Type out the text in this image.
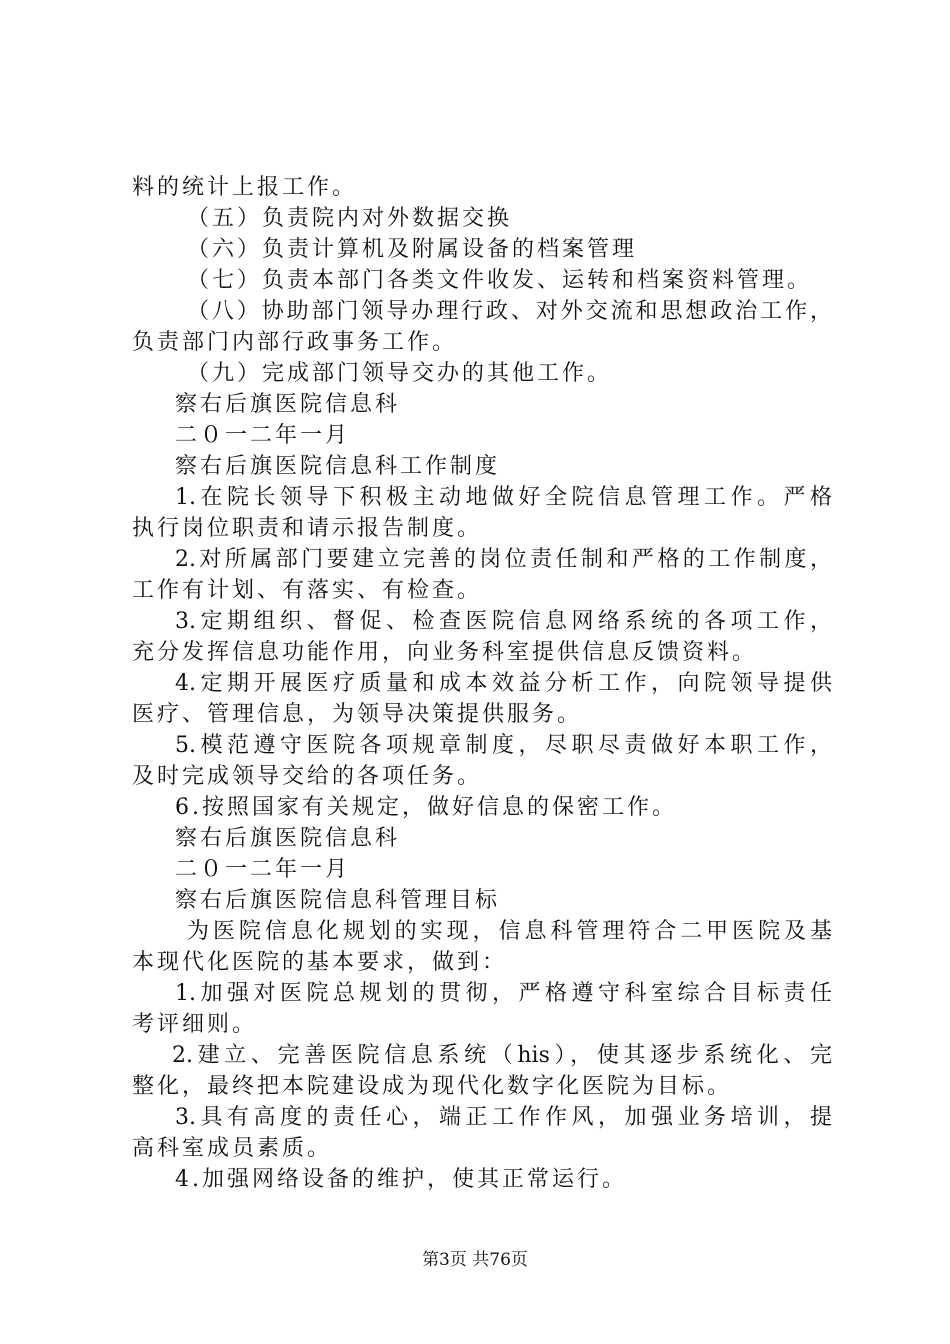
料的统计上报工作。
（五）负责院内对外数据交换
（六）负责计算机及附属设备的档案管理
（七）负责本部门各类文件收发、运转和档案资料管理。
（八）协助部门领导办理行政、对外交流和思想政治工作，
负责部门内部行政事务工作。
（九）完成部门领导交办的其他工作。
察右后旗医院信息科
二０一二年一月
察右后旗医院信息科工作制度
1.在院长领导下积极主动地做好全院信息管理工作。严格
执行岗位职责和请示报告制度。
2.对所属部门要建立完善的岗位责任制和严格的工作制度，
工作有计划、有落实、有检查。
3.定期组织、督促、检查医院信息网络系统的各项工作，
充分发挥信息功能作用，向业务科室提供信息反馈资料。
4.定期开展医疗质量和成本效益分析工作，向院领导提供
医疗、管理信息，为领导决策提供服务。
5.模范遵守医院各项规章制度，尽职尽责做好本职工作，
及时完成领导交给的各项任务。
6.按照国家有关规定，做好信息的保密工作。
察右后旗医院信息科
二０一二年一月
察右后旗医院信息科管理目标
为医院信息化规划的实现，信息科管理符合二甲医院及基
本现代化医院的基本要求，做到：
1.加强对医院总规划的贯彻，严格遵守科室综合目标责任
考评细则。
2.建立、完善医院信息系统（his），使其逐步系统化、完
整化，最终把本院建设成为现代化数字化医院为目标。
3.具有高度的责任心，端正工作作风，加强业务培训，提
高科室成员素质。
4.加强网络设备的维护，使其正常运行。
第3页 共76页
